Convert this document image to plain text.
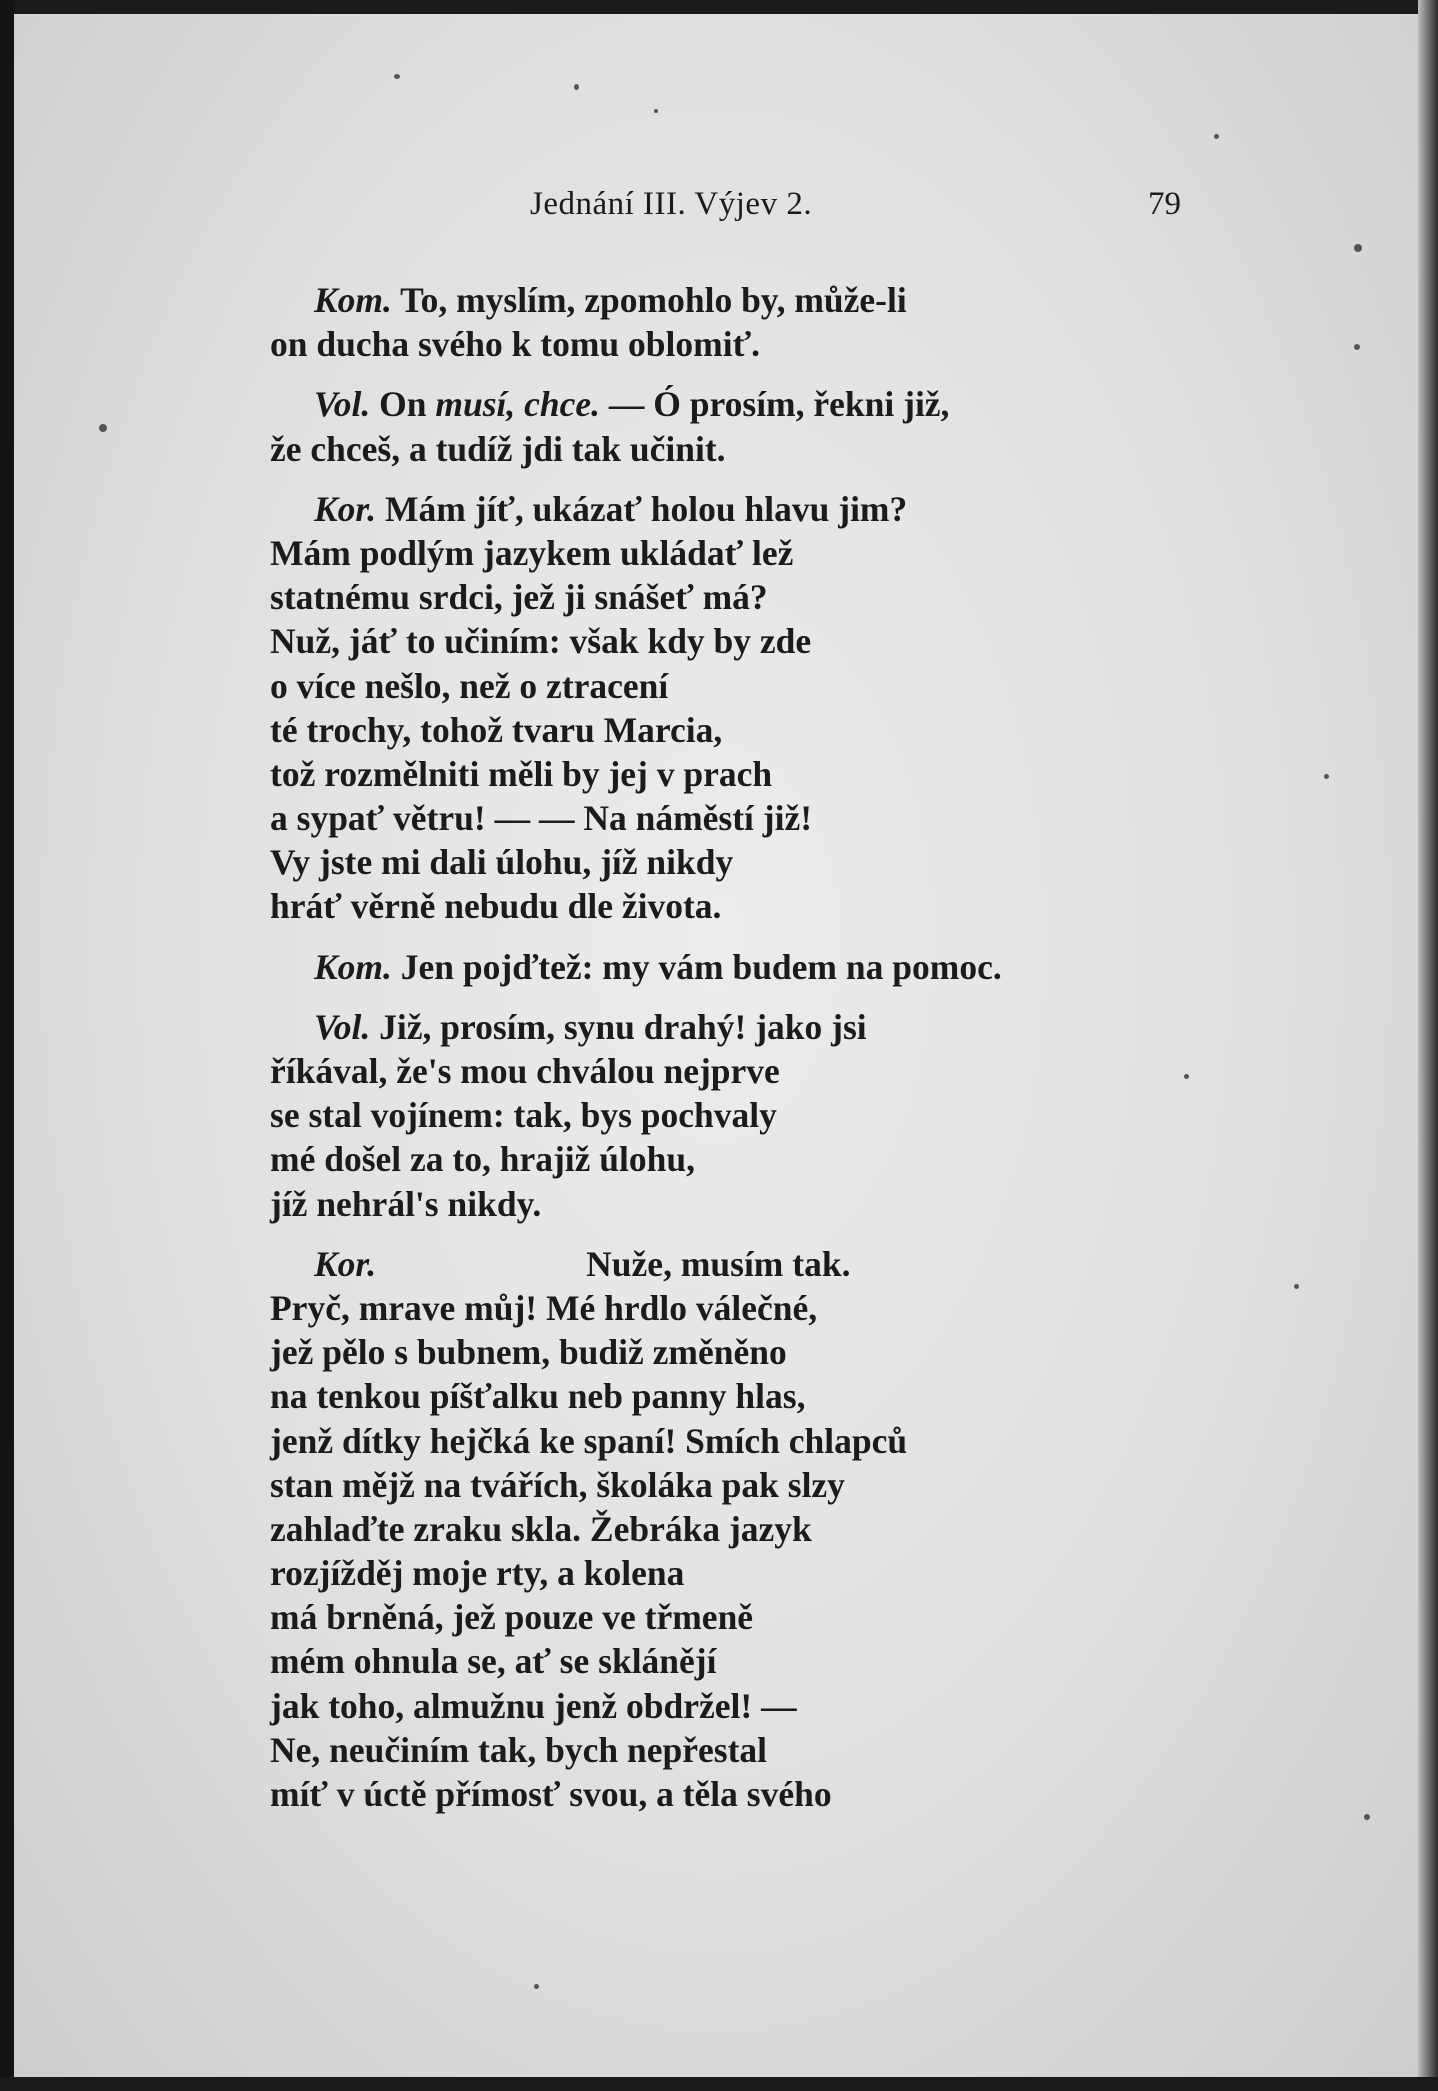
Jednání III. Výjev 2.	79
Kom. To, myslím, zpomohlo by, může-li
on ducha svého k tomu oblomiť.
Vol. On musí, chce. — Ó prosím, řekni již,
že chceš, a tudíž jdi tak učinit.
Kor. Mám jíť, ukázať holou hlavu jim?
Mám podlým jazykem ukládať lež
statnému srdci, jež ji snášeť má?
Nuž, jáť to učiním: však kdy by zde
o více nešlo, než o ztracení
té trochy, tohož tvaru Marcia,
tož rozmělniti měli by jej v prach
a sypať větru! — — Na náměstí již!
Vy jste mi dali úlohu, jíž nikdy
hráť věrně nebudu dle života.
Kom. Jen pojďtež: my vám budem na pomoc.
Vol. Již, prosím, synu drahý! jako jsi
říkával, že's mou chválou nejprve
se stal vojínem: tak, bys pochvaly
mé došel za to, hrajiž úlohu,
jíž nehrál's nikdy.
Kor.	Nuže, musím tak.
Pryč, mrave můj! Mé hrdlo válečné,
jež pělo s bubnem, budiž změněno
na tenkou píšťalku neb panny hlas,
jenž dítky hejčká ke spaní! Smích chlapců
stan mějž na tvářích, školáka pak slzy
zahlaďte zraku skla. Žebráka jazyk
rozjížděj moje rty, a kolena
má brněná, jež pouze ve třmeně
mém ohnula se, ať se sklánějí
jak toho, almužnu jenž obdržel! —
Ne, neučiním tak, bych nepřestal
míť v úctě přímosť svou, a těla svého
